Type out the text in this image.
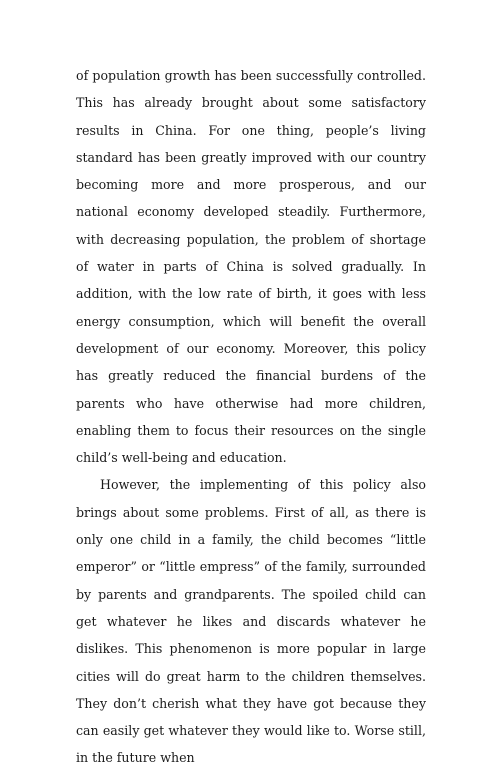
of population growth has been successfully controlled. This has already brought about some satisfactory results in China. For one thing, people’s living standard has been greatly improved with our country becoming more and more prosperous, and our national economy developed steadily. Furthermore, with decreasing population, the problem of shortage of water in parts of China is solved gradually. In addition, with the low rate of birth, it goes with less energy consumption, which will benefit the overall development of our economy. Moreover, this policy has greatly reduced the financial burdens of the parents who have otherwise had more children, enabling them to focus their resources on the single child’s well-being and education.

However, the implementing of this policy also brings about some problems. First of all, as there is only one child in a family, the child becomes “little emperor” or “little empress” of the family, surrounded by parents and grandparents. The spoiled child can get whatever he likes and discards whatever he dislikes. This phenomenon is more popular in large cities will do great harm to the children themselves. They don’t cherish what they have got because they can easily get whatever they would like to. Worse still, in the future when
